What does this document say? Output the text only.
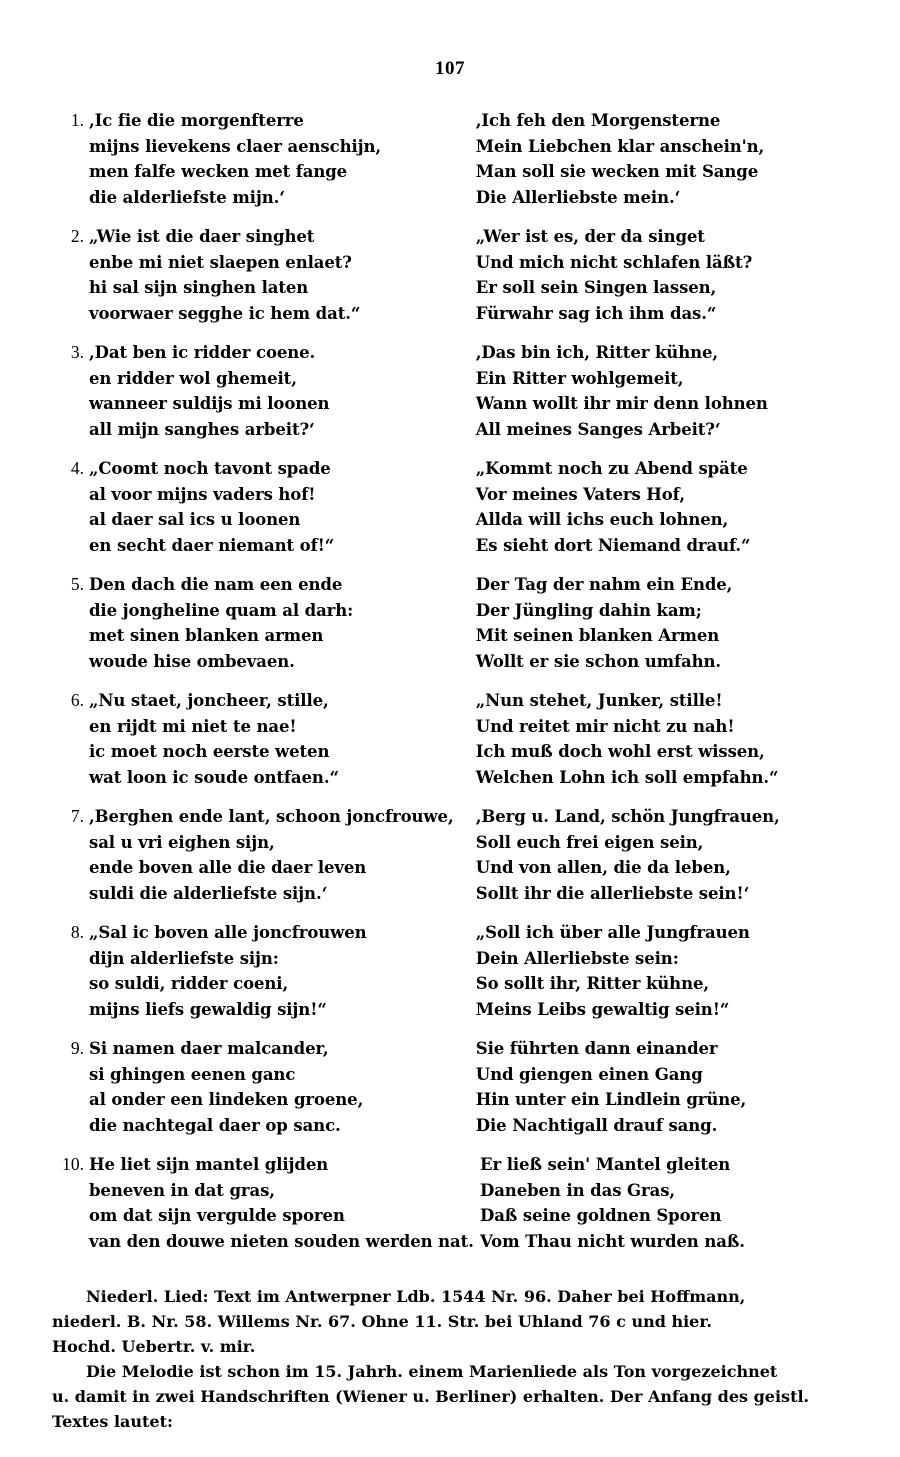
107
1. ,Ic fie die morgenfterre
mijns lievekens claer aenschijn,
men falfe wecken met fange
die alderliefste mijn.‘
,Ich feh den Morgensterne
Mein Liebchen klar anschein'n,
Man soll sie wecken mit Sange
Die Allerliebste mein.‘
2. „Wie ist die daer singhet
enbe mi niet slaepen enlaet?
hi sal sijn singhen laten
voorwaer segghe ic hem dat.“
„Wer ist es, der da singet
Und mich nicht schlafen läßt?
Er soll sein Singen lassen,
Fürwahr sag ich ihm das.“
3. ,Dat ben ic ridder coene.
en ridder wol ghemeit,
wanneer suldijs mi loonen
all mijn sanghes arbeit?‘
,Das bin ich, Ritter kühne,
Ein Ritter wohlgemeit,
Wann wollt ihr mir denn lohnen
All meines Sanges Arbeit?‘
4. „Coomt noch tavont spade
al voor mijns vaders hof!
al daer sal ics u loonen
en secht daer niemant of!“
„Kommt noch zu Abend späte
Vor meines Vaters Hof,
Allda will ichs euch lohnen,
Es sieht dort Niemand drauf.“
5. Den dach die nam een ende
die jongheline quam al darh:
met sinen blanken armen
woude hise ombevaen.
Der Tag der nahm ein Ende,
Der Jüngling dahin kam;
Mit seinen blanken Armen
Wollt er sie schon umfahn.
6. „Nu staet, joncheer, stille,
en rijdt mi niet te nae!
ic moet noch eerste weten
wat loon ic soude ontfaen.“
„Nun stehet, Junker, stille!
Und reitet mir nicht zu nah!
Ich muß doch wohl erst wissen,
Welchen Lohn ich soll empfahn.“
7. ,Berghen ende lant, schoon joncfrouwe,
sal u vri eighen sijn,
ende boven alle die daer leven
suldi die alderliefste sijn.‘
,Berg u. Land, schön Jungfrauen,
Soll euch frei eigen sein,
Und von allen, die da leben,
Sollt ihr die allerliebste sein!‘
8. „Sal ic boven alle joncfrouwen
dijn alderliefste sijn:
so suldi, ridder coeni,
mijns liefs gewaldig sijn!“
„Soll ich über alle Jungfrauen
Dein Allerliebste sein:
So sollt ihr, Ritter kühne,
Meins Leibs gewaltig sein!“
9. Si namen daer malcander,
si ghingen eenen ganc
al onder een lindeken groene,
die nachtegal daer op sanc.
Sie führten dann einander
Und giengen einen Gang
Hin unter ein Lindlein grüne,
Die Nachtigall drauf sang.
10. He liet sijn mantel glijden
beneven in dat gras,
om dat sijn vergulde sporen
van den douwe nieten souden werden nat.
Er ließ sein' Mantel gleiten
Daneben in das Gras,
Daß seine goldnen Sporen
Vom Thau nicht wurden naß.

Niederl. Lied: Text im Antwerpner Ldb. 1544 Nr. 96. Daher bei Hoffmann,
niederl. B. Nr. 58. Willems Nr. 67. Ohne 11. Str. bei Uhland 76 c und hier.
Hochd. Uebertr. v. mir.

Die Melodie ist schon im 15. Jahrh. einem Marienliede als Ton vorgezeichnet
u. damit in zwei Handschriften (Wiener u. Berliner) erhalten. Der Anfang des geistl.
Textes lautet:
